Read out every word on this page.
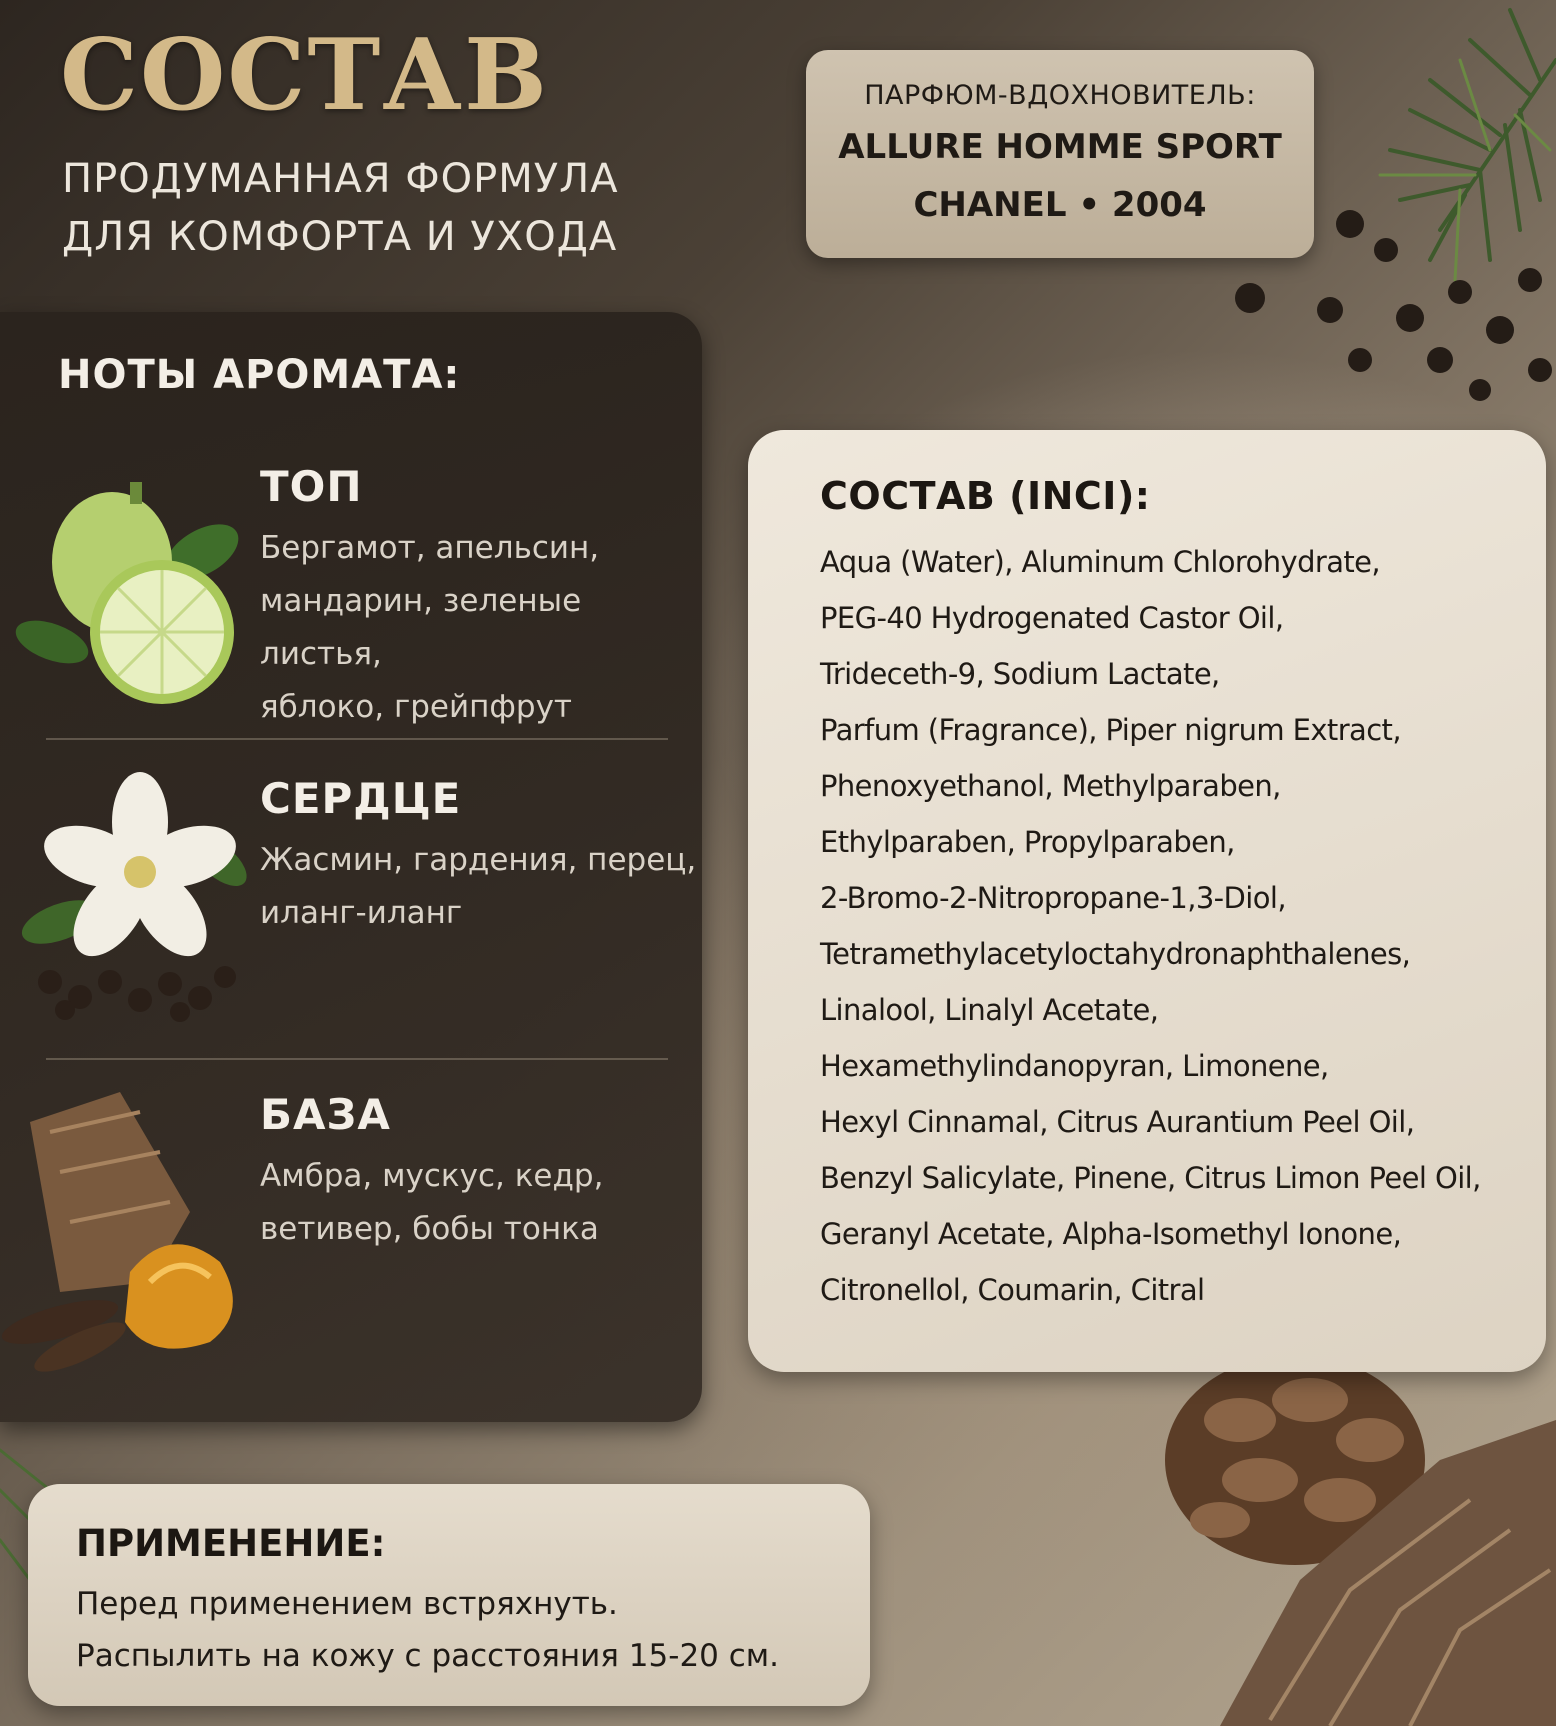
СОСТАВ
ПРОДУМАННАЯ ФОРМУЛА
ДЛЯ КОМФОРТА И УХОДА
ПАРФЮМ-ВДОХНОВИТЕЛЬ:
ALLURE HOMME SPORT
CHANEL • 2004
НОТЫ АРОМАТА:
ТОП
Бергамот, апельсин,
мандарин, зеленые листья,
яблоко, грейпфрут
СЕРДЦЕ
Жасмин, гардения, перец,
иланг-иланг
БАЗА
Амбра, мускус, кедр,
ветивер, бобы тонка
СОСТАВ (INCI):
Aqua (Water), Aluminum Chlorohydrate,
PEG-40 Hydrogenated Castor Oil,
Trideceth-9, Sodium Lactate,
Parfum (Fragrance), Piper nigrum Extract,
Phenoxyethanol, Methylparaben,
Ethylparaben, Propylparaben,
2-Bromo-2-Nitropropane-1,3-Diol,
Tetramethylacetyloctahydronaphthalenes,
Linalool, Linalyl Acetate,
Hexamethylindanopyran, Limonene,
Hexyl Cinnamal, Citrus Aurantium Peel Oil,
Benzyl Salicylate, Pinene, Citrus Limon Peel Oil,
Geranyl Acetate, Alpha-Isomethyl Ionone,
Citronellol, Coumarin, Citral
ПРИМЕНЕНИЕ:
Перед применением встряхнуть.
Распылить на кожу с расстояния 15-20 см.
